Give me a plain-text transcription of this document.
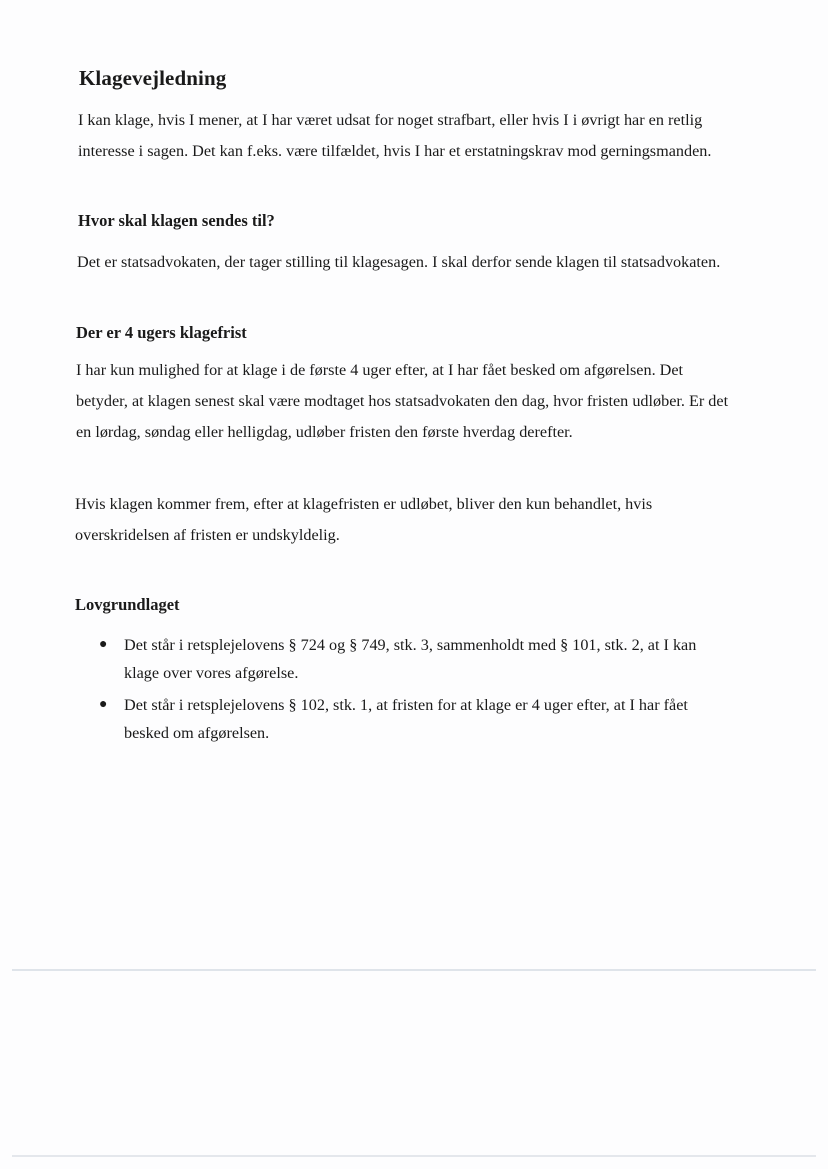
Klagevejledning

I kan klage, hvis I mener, at I har været udsat for noget strafbart, eller hvis I i øvrigt har en retlig interesse i sagen. Det kan f.eks. være tilfældet, hvis I har et erstatningskrav mod gerningsmanden.

Hvor skal klagen sendes til?

Det er statsadvokaten, der tager stilling til klagesagen. I skal derfor sende klagen til statsadvokaten.

Der er 4 ugers klagefrist

I har kun mulighed for at klage i de første 4 uger efter, at I har fået besked om afgørelsen. Det betyder, at klagen senest skal være modtaget hos statsadvokaten den dag, hvor fristen udløber. Er det en lørdag, søndag eller helligdag, udløber fristen den første hverdag derefter.

Hvis klagen kommer frem, efter at klagefristen er udløbet, bliver den kun behandlet, hvis overskridelsen af fristen er undskyldelig.

Lovgrundlaget
● Det står i retsplejelovens § 724 og § 749, stk. 3, sammenholdt med § 101, stk. 2, at I kan klage over vores afgørelse.
● Det står i retsplejelovens § 102, stk. 1, at fristen for at klage er 4 uger efter, at I har fået besked om afgørelsen.
